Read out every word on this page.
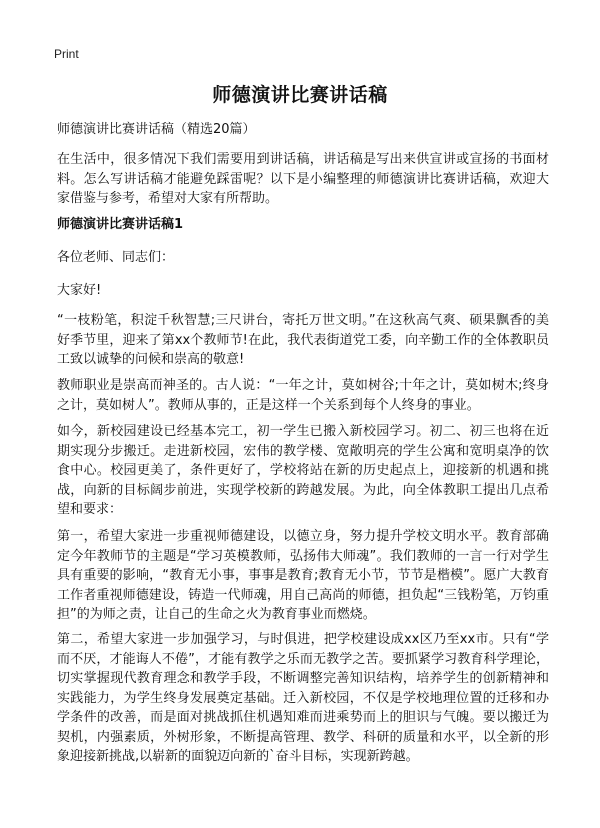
Print
师德演讲比赛讲话稿

师德演讲比赛讲话稿（精选20篇）

在生活中，很多情况下我们需要用到讲话稿，讲话稿是写出来供宣讲或宣扬的书面材料。怎么写讲话稿才能避免踩雷呢？以下是小编整理的师德演讲比赛讲话稿，欢迎大家借鉴与参考，希望对大家有所帮助。

师德演讲比赛讲话稿1

各位老师、同志们：

大家好!

“一枝粉笔，积淀千秋智慧;三尺讲台，寄托万世文明。”在这秋高气爽、硕果飘香的美好季节里，迎来了第xx个教师节!在此，我代表街道党工委，向辛勤工作的全体教职员工致以诚挚的问候和崇高的敬意!

教师职业是崇高而神圣的。古人说：“一年之计，莫如树谷;十年之计，莫如树木;终身之计，莫如树人”。教师从事的，正是这样一个关系到每个人终身的事业。

如今，新校园建设已经基本完工，初一学生已搬入新校园学习。初二、初三也将在近期实现分步搬迁。走进新校园，宏伟的教学楼、宽敞明亮的学生公寓和宽明桌净的饮食中心。校园更美了，条件更好了，学校将站在新的历史起点上，迎接新的机遇和挑战，向新的目标阔步前进，实现学校新的跨越发展。为此，向全体教职工提出几点希望和要求：

第一，希望大家进一步重视师德建设，以德立身，努力提升学校文明水平。教育部确定今年教师节的主题是“学习英模教师，弘扬伟大师魂”。我们教师的一言一行对学生具有重要的影响，“教育无小事，事事是教育;教育无小节，节节是楷模”。愿广大教育工作者重视师德建设，铸造一代师魂，用自己高尚的师德，担负起“三钱粉笔，万钧重担”的为师之责，让自己的生命之火为教育事业而燃烧。

第二，希望大家进一步加强学习，与时俱进，把学校建设成xx区乃至xx市。只有“学而不厌，才能诲人不倦”，才能有教学之乐而无教学之苦。要抓紧学习教育科学理论，切实掌握现代教育理念和教学手段，不断调整完善知识结构，培养学生的创新精神和实践能力，为学生终身发展奠定基础。迁入新校园，不仅是学校地理位置的迁移和办学条件的改善，而是面对挑战抓住机遇知难而进乘势而上的胆识与气魄。要以搬迁为契机，内强素质，外树形象，不断提高管理、教学、科研的质量和水平，以全新的形象迎接新挑战,以崭新的面貌迈向新的`奋斗目标，实现新跨越。
